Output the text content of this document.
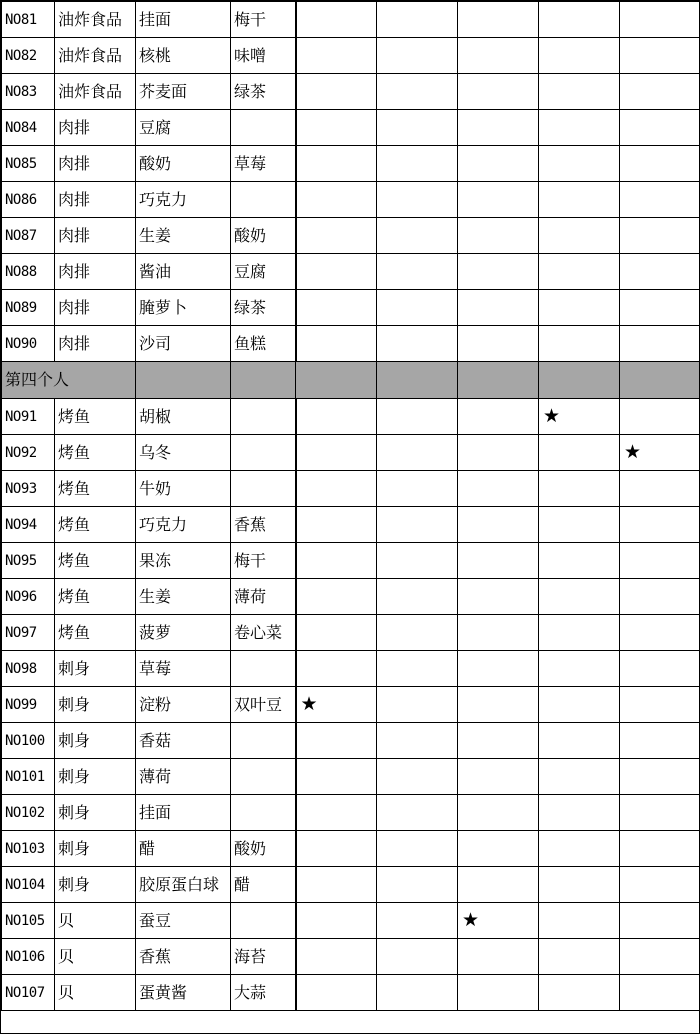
NO81	油炸食品	挂面	梅干					
NO82	油炸食品	核桃	味噌					
NO83	油炸食品	芥麦面	绿茶					
NO84	肉排	豆腐						
NO85	肉排	酸奶	草莓					
NO86	肉排	巧克力						
NO87	肉排	生姜	酸奶					
NO88	肉排	酱油	豆腐					
NO89	肉排	腌萝卜	绿茶					
NO90	肉排	沙司	鱼糕					
第四个人								
NO91	烤鱼	胡椒					★	
NO92	烤鱼	乌冬						★
NO93	烤鱼	牛奶						
NO94	烤鱼	巧克力	香蕉					
NO95	烤鱼	果冻	梅干					
NO96	烤鱼	生姜	薄荷					
NO97	烤鱼	菠萝	卷心菜					
NO98	刺身	草莓						
NO99	刺身	淀粉	双叶豆	★				
NO100	刺身	香菇						
NO101	刺身	薄荷						
NO102	刺身	挂面						
NO103	刺身	醋	酸奶					
NO104	刺身	胶原蛋白球	醋					
NO105	贝	蚕豆				★		
NO106	贝	香蕉	海苔					
NO107	贝	蛋黄酱	大蒜					
